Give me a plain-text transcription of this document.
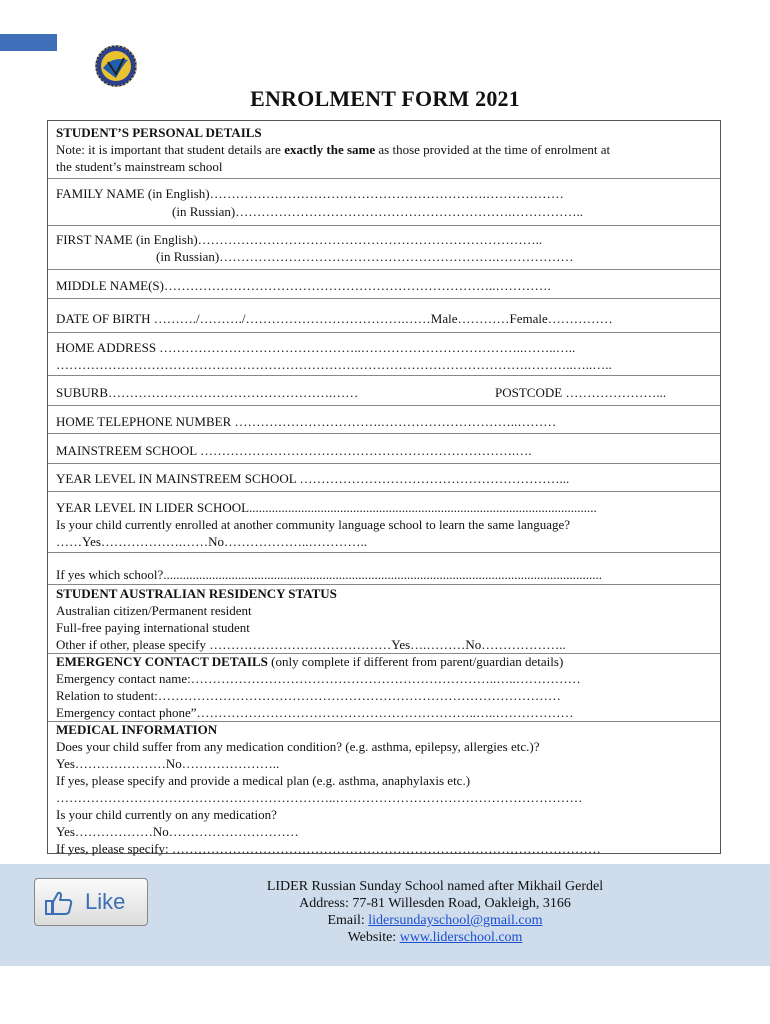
ENROLMENT FORM 2021
STUDENT’S PERSONAL DETAILS
Note: it is important that student details are exactly the same as those provided at the time of enrolment at
the student’s mainstream school
FAMILY NAME (in English)……………………………………………………….………………
(in Russian)……………………………………………………….……………..
FIRST NAME (in English)……………………………………………………………………..
(in Russian)……………………………………………………….………………
MIDDLE NAME(S)…………………………………………………………………..………….
DATE OF BIRTH ………./………./……………………………….……Male…………Female……………
HOME ADDRESS ………………………………………..………………………………..……..…..
……………………………………………………………………………………………….………..…..…..
SUBURB…………………………………………….……	POSTCODE …………………...
HOME TELEPHONE NUMBER …………………………….…………………………..………
MAINSTREEM SCHOOL ……………………………………………………………….….
YEAR LEVEL IN MAINSTREEM SCHOOL ……………………………………………………...
YEAR LEVEL IN LIDER SCHOOL...........................................................................................................
Is your child currently enrolled at another community language school to learn the same language?
……Yes……………….……No………………..…………..
If yes which school?.......................................................................................................................................
STUDENT AUSTRALIAN RESIDENCY STATUS
Australian citizen/Permanent resident
Full-free paying international student
Other if other, please specify ……………………………………Yes….………No………………..
EMERGENCY CONTACT DETAILS (only complete if different from parent/guardian details)
Emergency contact name:……………………………………………………………..…..……………
Relation to student:…………………………………………………………………………………
Emergency contact phone”………………………………………………………..…..………………
MEDICAL INFORMATION
Does your child suffer from any medication condition? (e.g. asthma, epilepsy, allergies etc.)?
Yes…………………No…………………..
If yes, please specify and provide a medical plan (e.g. asthma, anaphylaxis etc.)
………………………………………………………..…………………………………………………
Is your child currently on any medication?
Yes………………No…………………………
If yes, please specify: ………………………………………………………………………………………
Like
LIDER Russian Sunday School named after Mikhail Gerdel
Address: 77-81 Willesden Road, Oakleigh, 3166
Email: lidersundayschool@gmail.com
Website: www.liderschool.com
